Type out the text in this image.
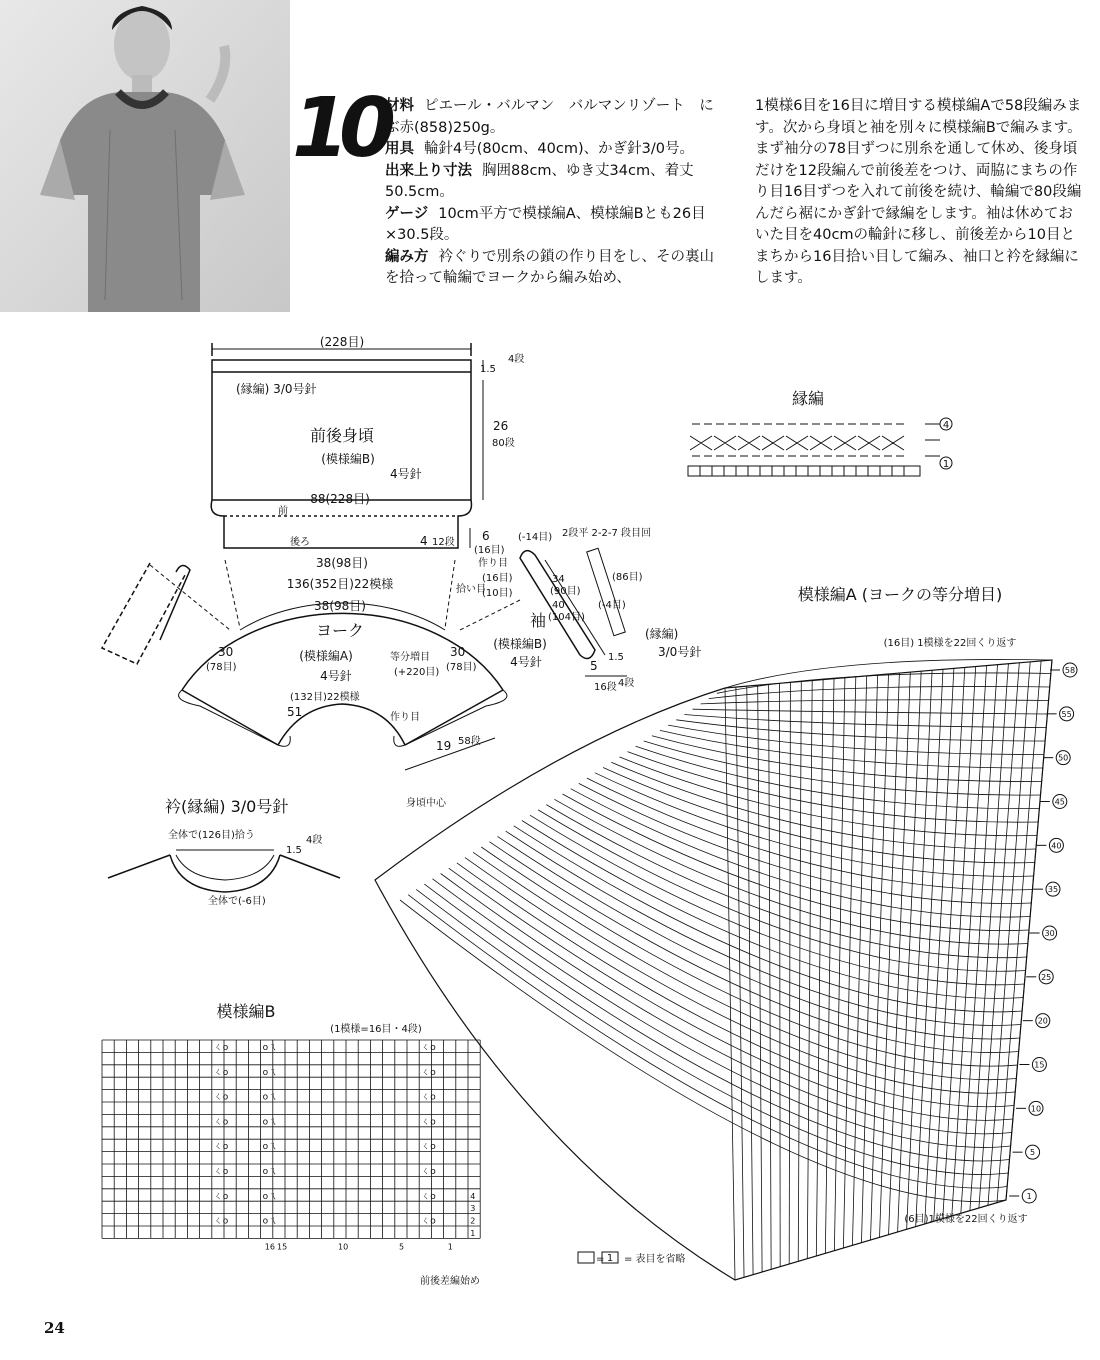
10
材料 ピエール・バルマン　バルマンリゾート　にぶ赤(858)250g。
用具 輪針4号(80cm、40cm)、かぎ針3/0号。
出来上り寸法 胸囲88cm、ゆき丈34cm、着丈50.5cm。
ゲージ 10cm平方で模様編A、模様編Bとも26目×30.5段。
編み方 衿ぐりで別糸の鎖の作り目をし、その裏山を拾って輪編でヨークから編み始め、
1模様6目を16目に増目する模様編Aで58段編みます。次から身頃と袖を別々に模様編Bで編みます。まず袖分の78目ずつに別糸を通して休め、後身頃だけを12段編んで前後差をつけ、両脇にまちの作り目16目ずつを入れて前後を続け、輪編で80段編んだら裾にかぎ針で縁編をします。袖は休めておいた目を40cmの輪針に移し、前後差から10目とまちから16目拾い目して編み、袖口と衿を縁編にします。
(228目)
(縁編) 3/0号針
前後身頃
(模様編B)
4号針
88(228目)
前
後ろ
1.5
4段
26
80段
4 12段 6
(16目)
作り目
38(98目)
136(352目)22模様
38(98目)
ヨーク
(模様編A)
4号針
等分増目
(+220目)
30
(78目)
30
(78目)
(132目)22模様
作り目
51
19 58段
拾い目
(16目)
(10目)
袖
(模様編B)
4号針
(-14目) 2段平 2-2-7 段目回
34
(90目)
40
(104目)
(86目)
(-4目)
(縁編)
3/0号針
5
1.5
16段 4段
衿(縁編) 3/0号針
全体で(126目)拾う
全体で(-6目)
1.5
4段
縁編
4
1
模様編A (ヨークの等分増目)
(16目) 1模様を22回くり返す
(6目)1模様を22回くり返す
身頃中心
58
55
50
45
40
35
30
25
20
15
10
5
1
= 1 = 表目を省略
模様編B
(1模様=16目・4段)
ㄑo	oㄟ	ㄑo
ㄑo	oㄟ	ㄑo
ㄑo	oㄟ	ㄑo
ㄑo	oㄟ	ㄑo
ㄑo	oㄟ	ㄑo
ㄑo	oㄟ	ㄑo
ㄑo	oㄟ	ㄑo
ㄑo	oㄟ	ㄑo
16 15	10	5	1
4
3
2
1
前後差編始め
24
